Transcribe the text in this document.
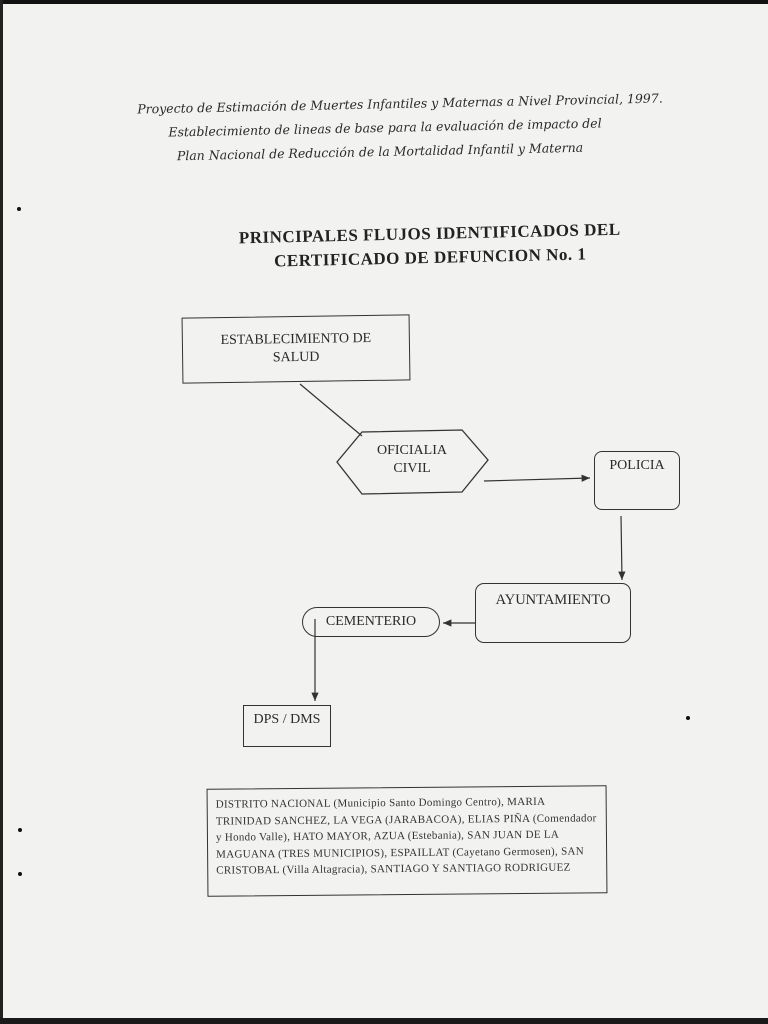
Proyecto de Estimación de Muertes Infantiles y Maternas a Nivel Provincial, 1997.
Establecimiento de lineas de base para la evaluación de impacto del
Plan Nacional de Reducción de la Mortalidad Infantil y Materna
PRINCIPALES FLUJOS IDENTIFICADOS DEL
CERTIFICADO DE DEFUNCION No. 1
ESTABLECIMIENTO DE
SALUD
OFICIALIA
CIVIL	POLICIA
AYUNTAMIENTO
CEMENTERIO
DPS / DMS
DISTRITO NACIONAL (Municipio Santo Domingo Centro), MARIA TRINIDAD SANCHEZ, LA VEGA (JARABACOA), ELIAS PIÑA (Comendador y Hondo Valle), HATO MAYOR, AZUA (Estebania), SAN JUAN DE LA MAGUANA (TRES MUNICIPIOS), ESPAILLAT (Cayetano Germosen), SAN CRISTOBAL (Villa Altagracia), SANTIAGO Y SANTIAGO RODRIGUEZ
